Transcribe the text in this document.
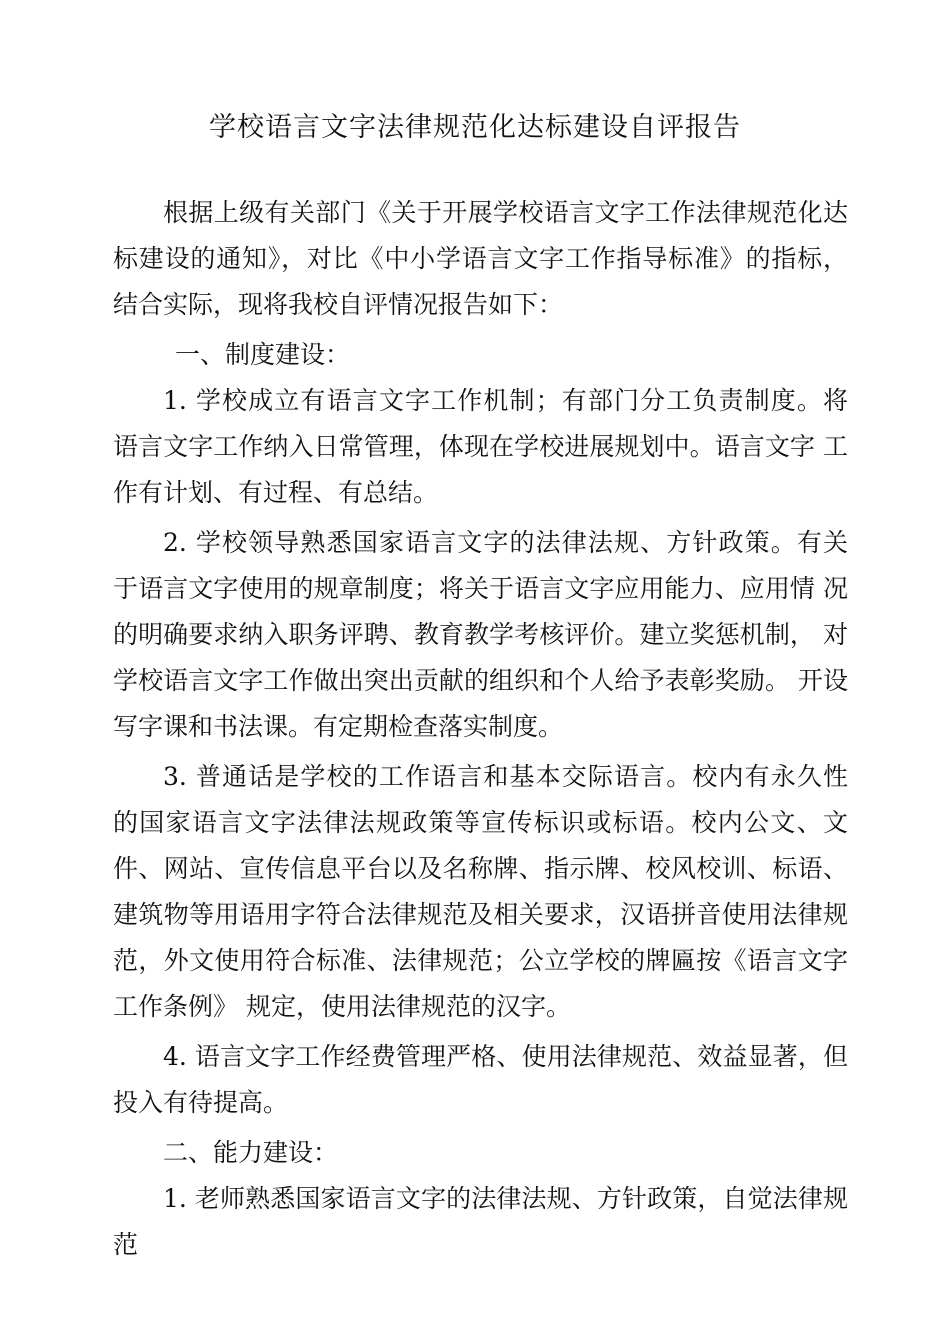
学校语言文字法律规范化达标建设自评报告

根据上级有关部门《关于开展学校语言文字工作法律规范化达标建设的通知》，对比《中小学语言文字工作指导标准》的指标， 结合实际，现将我校自评情况报告如下：

一、制度建设：

1. 学校成立有语言文字工作机制；有部门分工负责制度。将 语言文字工作纳入日常管理，体现在学校进展规划中。语言文字 工作有计划、有过程、有总结。

2. 学校领导熟悉国家语言文字的法律法规、方针政策。有关 于语言文字使用的规章制度；将关于语言文字应用能力、应用情 况的明确要求纳入职务评聘、教育教学考核评价。建立奖惩机制， 对学校语言文字工作做出突出贡献的组织和个人给予表彰奖励。 开设写字课和书法课。有定期检查落实制度。

3. 普通话是学校的工作语言和基本交际语言。校内有永久性 的国家语言文字法律法规政策等宣传标识或标语。校内公文、文 件、网站、宣传信息平台以及名称牌、指示牌、校风校训、标语、 建筑物等用语用字符合法律规范及相关要求，汉语拼音使用法律规范，外文使用符合标准、法律规范；公立学校的牌匾按《语言文字工作条例》 规定，使用法律规范的汉字。

4. 语言文字工作经费管理严格、使用法律规范、效益显著，但投入有待提高。

二、能力建设：

1. 老师熟悉国家语言文字的法律法规、方针政策，自觉法律规范
